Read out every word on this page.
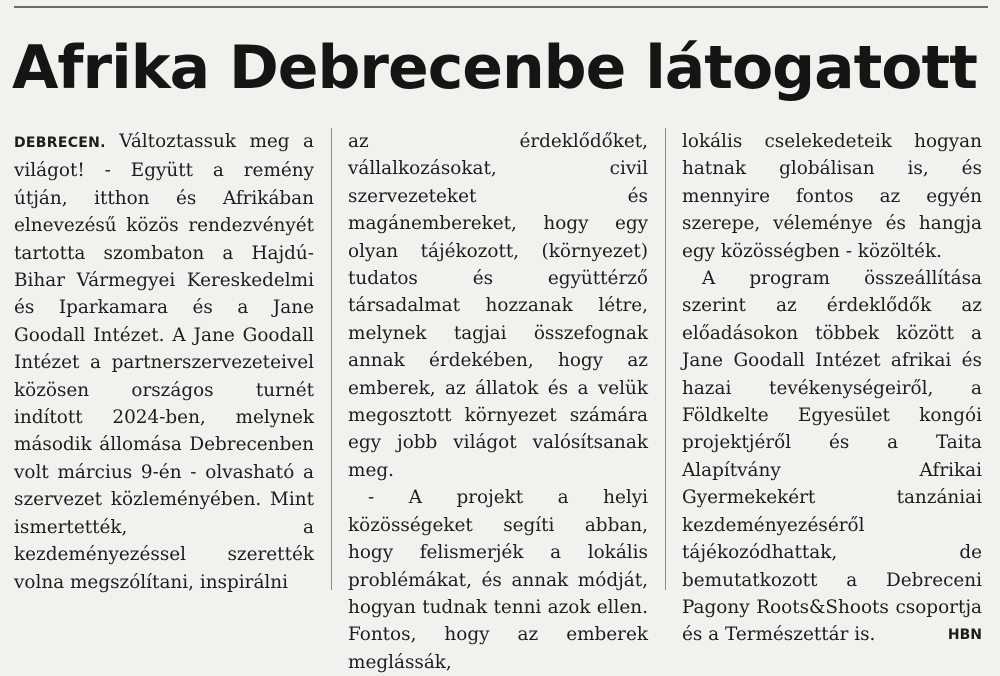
Afrika Debrecenbe látogatott

DEBRECEN. Változtassuk meg a világot! - Együtt a remény útján, itthon és Afrikában elnevezésű közös rendezvényét tartotta szombaton a Hajdú-Bihar Vármegyei Kereskedelmi és Iparkamara és a Jane Goodall Intézet. A Jane Goodall Intézet a partnerszervezeteivel közösen országos turnét indított 2024-ben, melynek második állomása Debrecenben volt március 9-én - olvasható a szervezet közleményében. Mint ismertették, a kezdeményezéssel szerették volna megszólítani, inspirálni

az érdeklődőket, vállalkozásokat, civil szervezeteket és magánembereket, hogy egy olyan tájékozott, (környezet) tudatos és együttérző társadalmat hozzanak létre, melynek tagjai összefognak annak érdekében, hogy az emberek, az állatok és a velük megosztott környezet számára egy jobb világot valósítsanak meg.

- A projekt a helyi közösségeket segíti abban, hogy felismerjék a lokális problémákat, és annak módját, hogyan tudnak tenni azok ellen. Fontos, hogy az emberek meglássák,

lokális cselekedeteik hogyan hatnak globálisan is, és mennyire fontos az egyén szerepe, véleménye és hangja egy közösségben - közölték.

A program összeállítása szerint az érdeklődők az előadásokon többek között a Jane Goodall Intézet afrikai és hazai tevékenységeiről, a Földkelte Egyesület kongói projektjéről és a Taita Alapítvány Afrikai Gyermekekért tanzániai kezdeményezéséről tájékozódhattak, de bemutatkozott a Debreceni Pagony Roots&Shoots csoportja és a Természettár is.	HBN
